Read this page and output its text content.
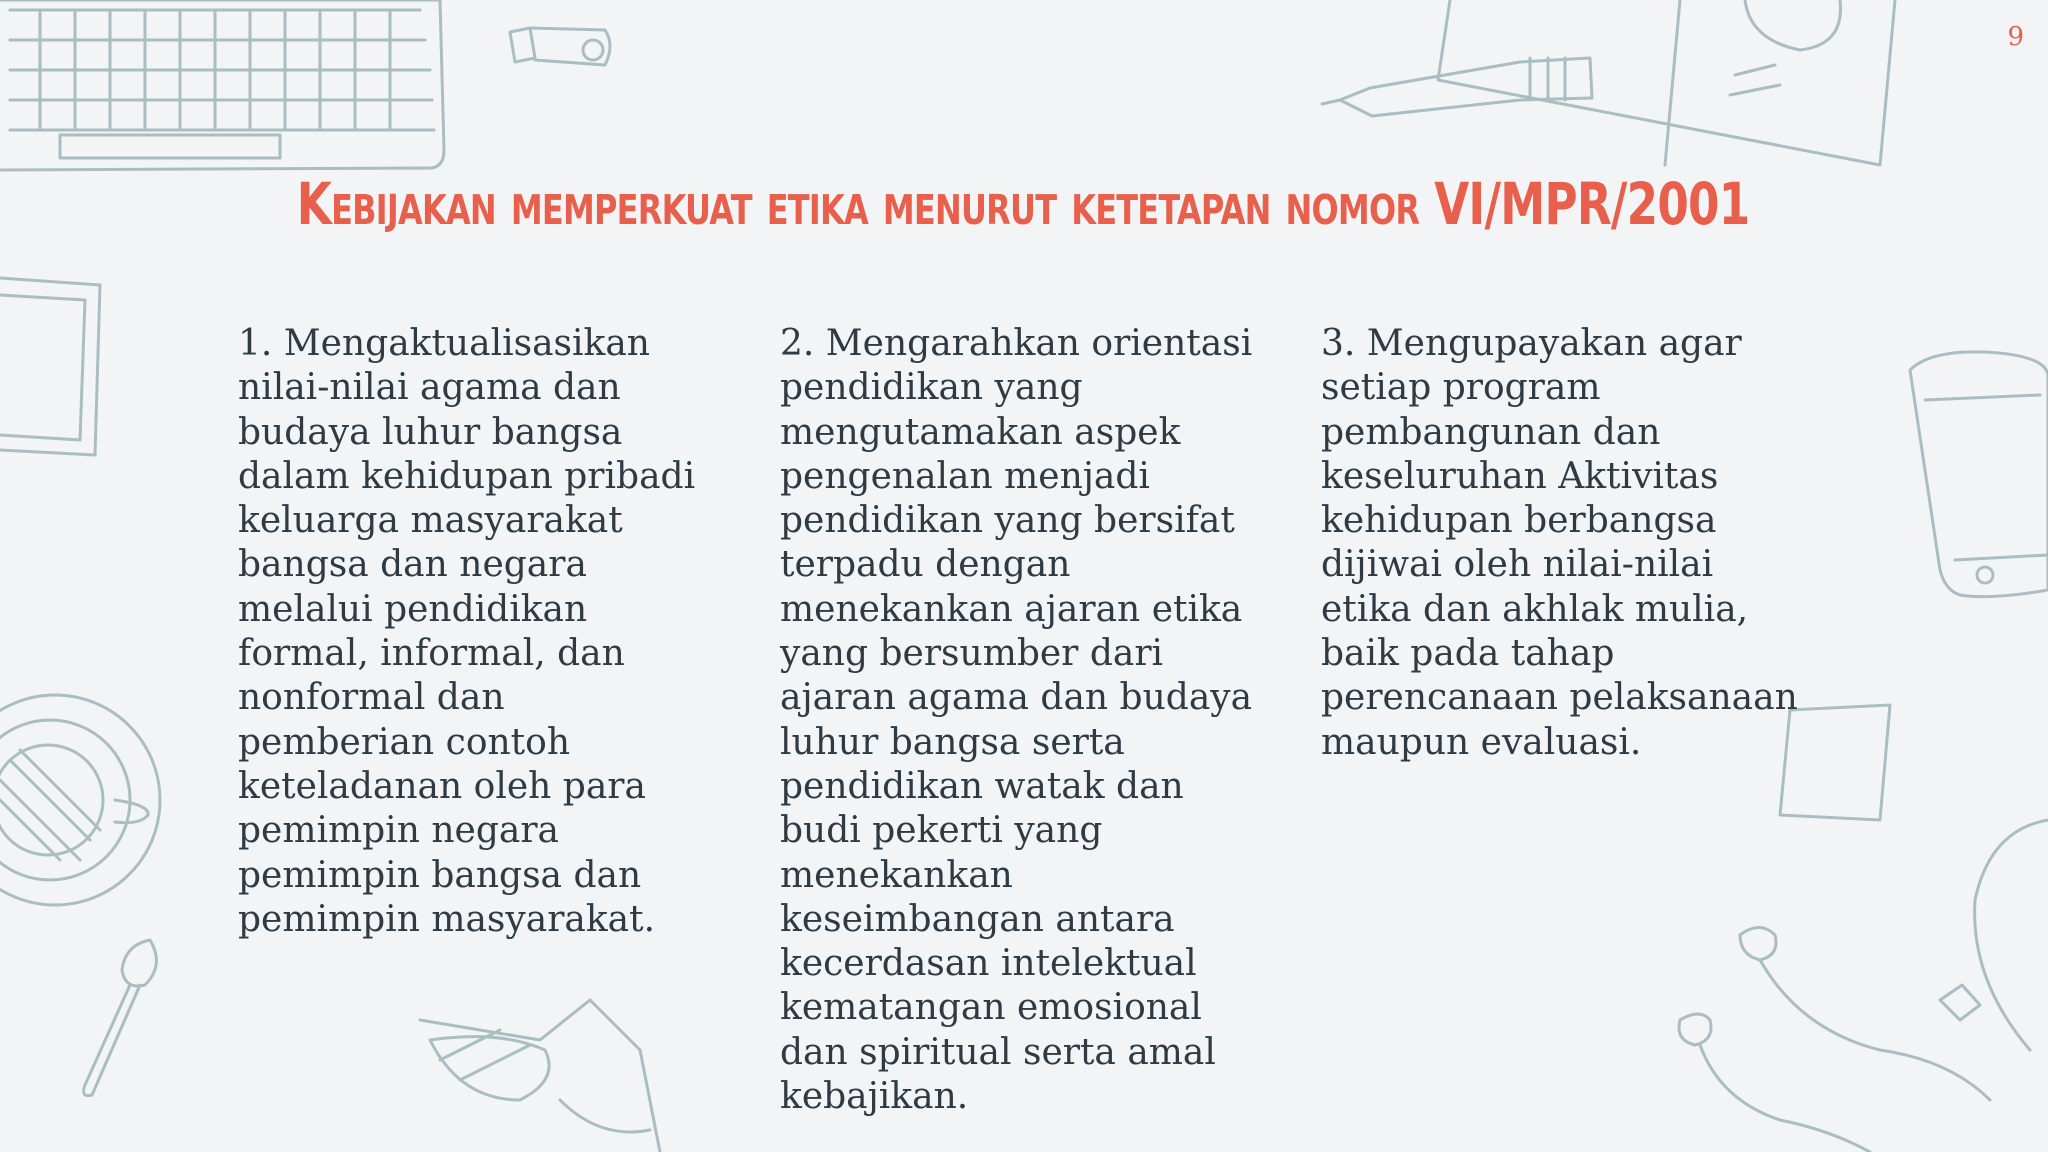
9
Kebijakan memperkuat etika menurut ketetapan nomor VI/MPR/2001
1. Mengaktualisasikan
nilai-nilai agama dan
budaya luhur bangsa
dalam kehidupan pribadi
keluarga masyarakat
bangsa dan negara
melalui pendidikan
formal, informal, dan
nonformal dan
pemberian contoh
keteladanan oleh para
pemimpin negara
pemimpin bangsa dan
pemimpin masyarakat.
2. Mengarahkan orientasi
pendidikan yang
mengutamakan aspek
pengenalan menjadi
pendidikan yang bersifat
terpadu dengan
menekankan ajaran etika
yang bersumber dari
ajaran agama dan budaya
luhur bangsa serta
pendidikan watak dan
budi pekerti yang
menekankan
keseimbangan antara
kecerdasan intelektual
kematangan emosional
dan spiritual serta amal
kebajikan.
3. Mengupayakan agar
setiap program
pembangunan dan
keseluruhan Aktivitas
kehidupan berbangsa
dijiwai oleh nilai-nilai
etika dan akhlak mulia,
baik pada tahap
perencanaan pelaksanaan
maupun evaluasi.
